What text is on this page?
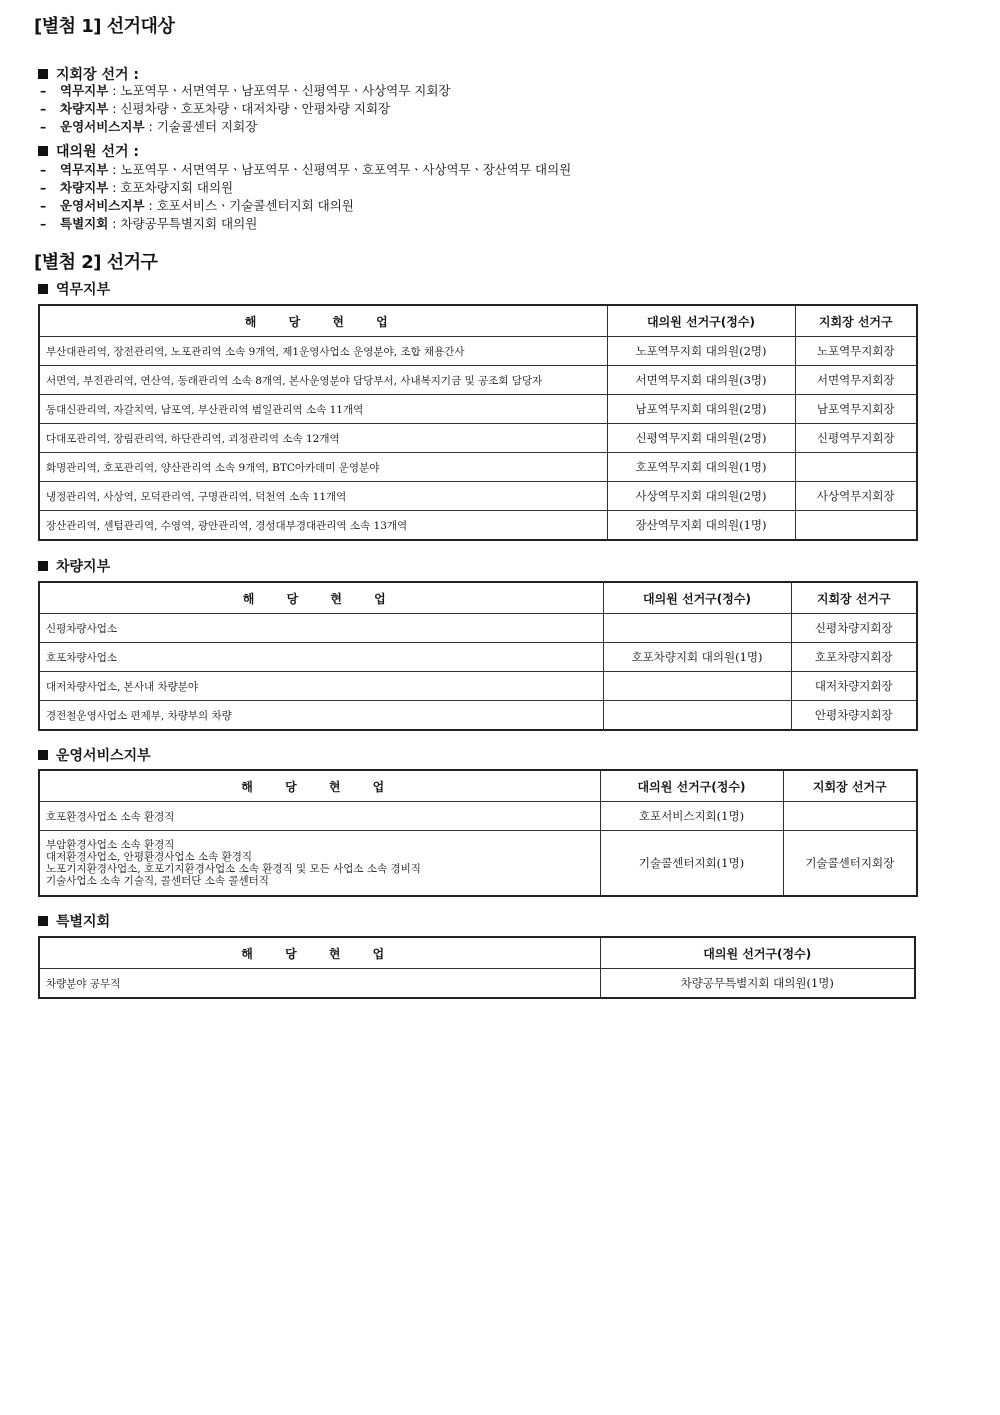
[별첨 1] 선거대상
지회장 선거 :
– 역무지부 : 노포역무ㆍ서면역무ㆍ남포역무ㆍ신평역무ㆍ사상역무 지회장
– 차량지부 : 신평차량ㆍ호포차량ㆍ대저차량ㆍ안평차량 지회장
– 운영서비스지부 : 기술콜센터 지회장
대의원 선거 :
– 역무지부 : 노포역무ㆍ서면역무ㆍ남포역무ㆍ신평역무ㆍ호포역무ㆍ사상역무ㆍ장산역무 대의원
– 차량지부 : 호포차량지회 대의원
– 운영서비스지부 : 호포서비스ㆍ기술콜센터지회 대의원
– 특별지회 : 차량공무특별지회 대의원
[별첨 2] 선거구
역무지부
해 당 현 업	대의원 선거구(정수)	지회장 선거구
부산대관리역, 장전관리역, 노포관리역 소속 9개역, 제1운영사업소 운영분야, 조합 채용간사	노포역무지회 대의원(2명)	노포역무지회장
서면역, 부전관리역, 연산역, 동래관리역 소속 8개역, 본사운영분야 담당부서, 사내복지기금 및 공조회 담당자	서면역무지회 대의원(3명)	서면역무지회장
동대신관리역, 자갈치역, 남포역, 부산관리역 범일관리역 소속 11개역	남포역무지회 대의원(2명)	남포역무지회장
다대포관리역, 장림관리역, 하단관리역, 괴정관리역 소속 12개역	신평역무지회 대의원(2명)	신평역무지회장
화명관리역, 호포관리역, 양산관리역 소속 9개역, BTC아카데미 운영분야	호포역무지회 대의원(1명)	
냉정관리역, 사상역, 모덕관리역, 구명관리역, 덕천역 소속 11개역	사상역무지회 대의원(2명)	사상역무지회장
장산관리역, 센텀관리역, 수영역, 광안관리역, 경성대부경대관리역 소속 13개역	장산역무지회 대의원(1명)	
차량지부
해 당 현 업	대의원 선거구(정수)	지회장 선거구
신평차량사업소		신평차량지회장
호포차량사업소	호포차량지회 대의원(1명)	호포차량지회장
대저차량사업소, 본사내 차량분야		대저차량지회장
경전철운영사업소 편제부, 차량부의 차량		안평차량지회장
운영서비스지부
해 당 현 업	대의원 선거구(정수)	지회장 선거구
호포환경사업소 소속 환경직	호포서비스지회(1명)	

부암환경사업소 소속 환경직
대저환경사업소, 안평환경사업소 소속 환경직
노포기지환경사업소, 호포기지환경사업소 소속 환경직 및 모든 사업소 소속 경비직
기술사업소 소속 기술직, 콜센터단 소속 콜센터직	기술콜센터지회(1명)	기술콜센터지회장
특별지회
해 당 현 업	대의원 선거구(정수)
차량분야 공무직	차량공무특별지회 대의원(1명)
